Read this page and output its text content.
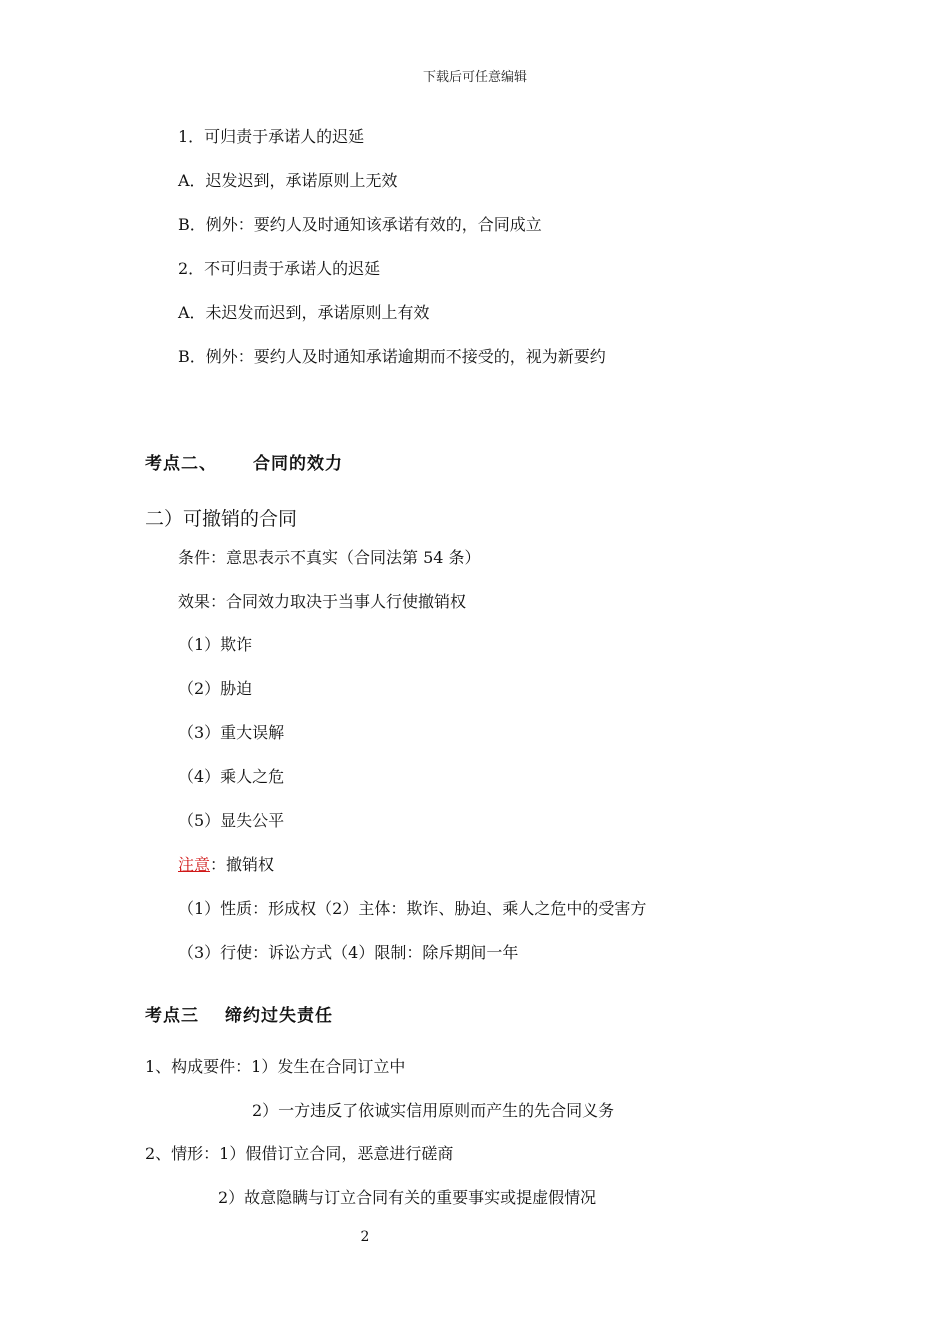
下载后可任意编辑
1．可归责于承诺人的迟延
A．迟发迟到，承诺原则上无效
B．例外：要约人及时通知该承诺有效的，合同成立
2．不可归责于承诺人的迟延
A．未迟发而迟到，承诺原则上有效
B．例外：要约人及时通知承诺逾期而不接受的，视为新要约
考点二、 合同的效力
二）可撤销的合同
条件：意思表示不真实（合同法第 54 条）
效果：合同效力取决于当事人行使撤销权
（1）欺诈
（2）胁迫
（3）重大误解
（4）乘人之危
（5）显失公平
注意：撤销权
（1）性质：形成权（2）主体：欺诈、胁迫、乘人之危中的受害方
（3）行使：诉讼方式（4）限制：除斥期间一年
考点三 缔约过失责任
1、构成要件：1）发生在合同订立中
2）一方违反了依诚实信用原则而产生的先合同义务
2、情形：1）假借订立合同，恶意进行磋商
2）故意隐瞒与订立合同有关的重要事实或提虚假情况
2
